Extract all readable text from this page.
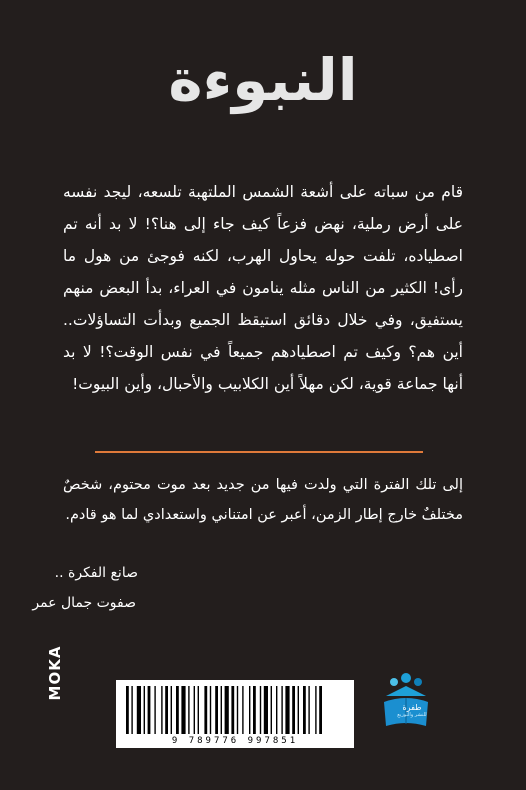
النبوءة
قام من سباته على أشعة الشمس الملتهبة تلسعه، ليجد نفسه على أرض رملية، نهض فزعاً كيف جاء إلى هنا؟! لا بد أنه تم اصطياده، تلفت حوله يحاول الهرب، لكنه فوجئ من هول ما رأى! الكثير من الناس مثله ينامون في العراء، بدأ البعض منهم يستفيق، وفي خلال دقائق استيقظ الجميع وبدأت التساؤلات.. أين هم؟ وكيف تم اصطيادهم جميعاً في نفس الوقت؟! لا بد أنها جماعة قوية، لكن مهلاً أين الكلابيب والأحبال، وأين البيوت!
إلى تلك الفترة التي ولدت فيها من جديد بعد موت محتوم، شخصٌ مختلفٌ خارج إطار الزمن، أعبر عن امتناني واستعدادي لما هو قادم.
صانع الفكرة ..
صفوت جمال عمر
MOKA
9 789776 997851
طفرة
للنشر والتوزيع
